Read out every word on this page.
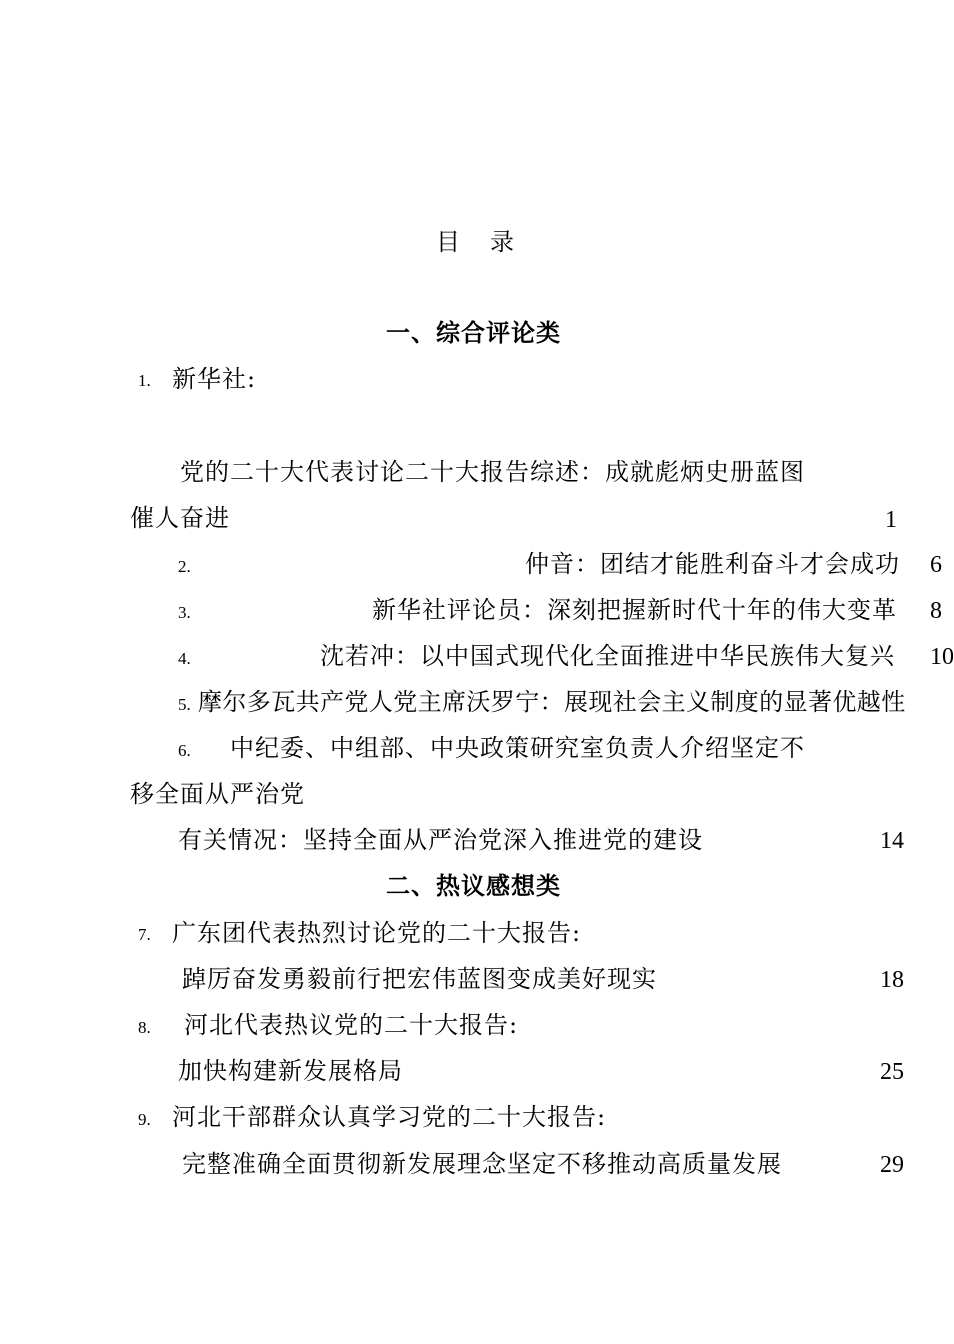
目录
一、综合评论类
1. 新华社:
党的二十大代表讨论二十大报告综述：成就彪炳史册蓝图
催人奋进	1
2.	仲音：团结才能胜利奋斗才会成功 6
3.	新华社评论员：深刻把握新时代十年的伟大变革 8
4.	沈若冲：以中国式现代化全面推进中华民族伟大复兴 10
5. 摩尔多瓦共产党人党主席沃罗宁：展现社会主义制度的显著优越性
6. 中纪委、中组部、中央政策研究室负责人介绍坚定不
移全面从严治党
有关情况：坚持全面从严治党深入推进党的建设	14
二、热议感想类
7. 广东团代表热烈讨论党的二十大报告:
踔厉奋发勇毅前行把宏伟蓝图变成美好现实	18
8. 河北代表热议党的二十大报告:
加快构建新发展格局	25
9. 河北干部群众认真学习党的二十大报告:
完整准确全面贯彻新发展理念坚定不移推动高质量发展	29
